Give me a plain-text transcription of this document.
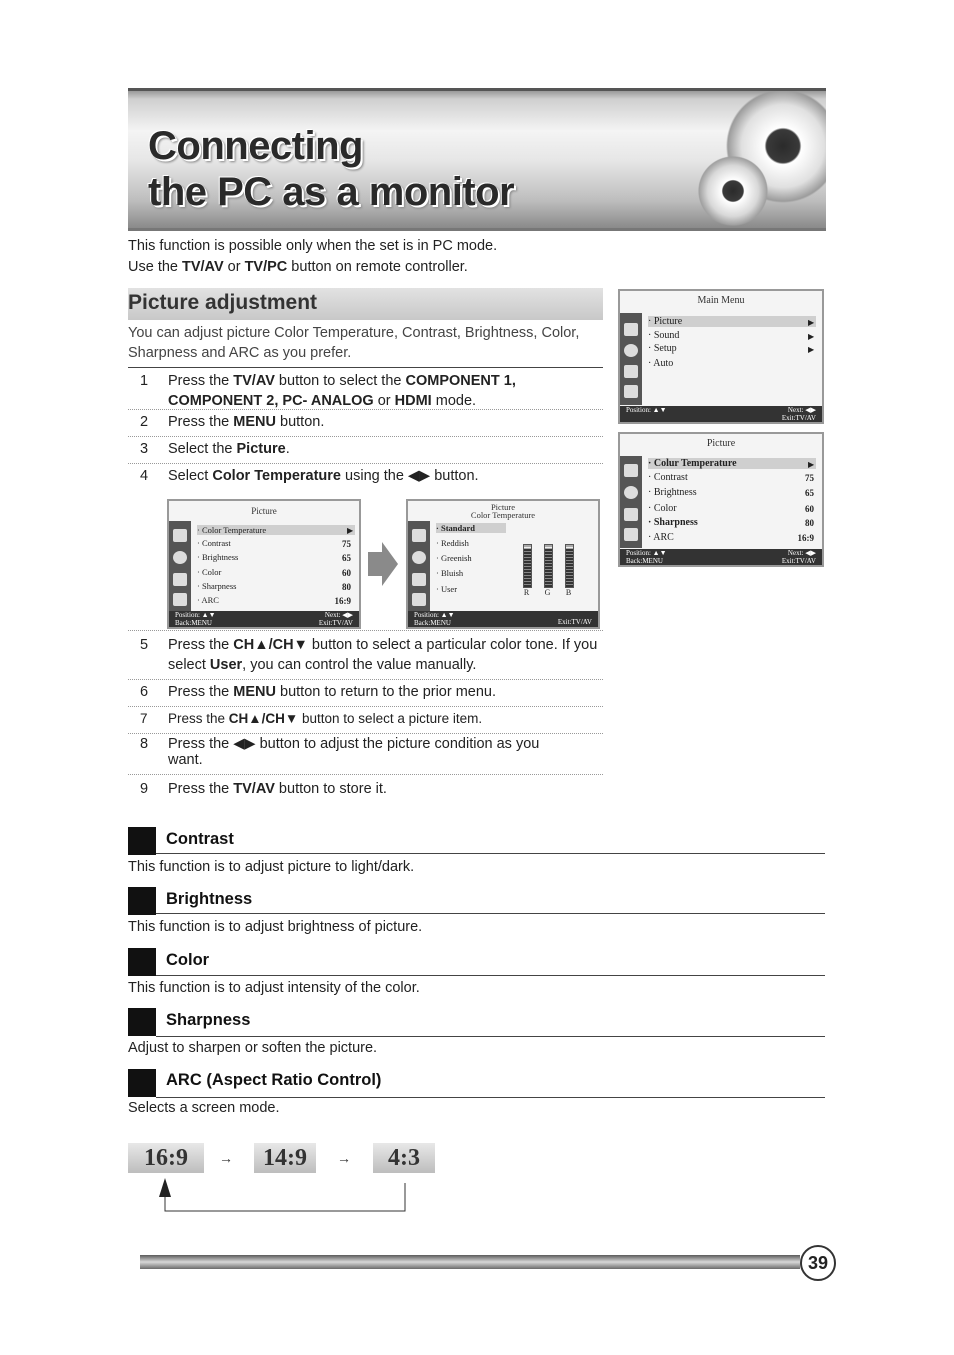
Connecting
the PC as a monitor
This function is possible only when the set is in PC mode.
Use the TV/AV or TV/PC button on remote controller.
Picture adjustment
You can adjust picture Color Temperature, Contrast, Brightness, Color, Sharpness and ARC as you prefer.
1	Press the TV/AV button to select the COMPONENT 1, COMPONENT 2, PC- ANALOG or HDMI mode.
2	Press the MENU button.
3	Select the Picture.
4	Select Color Temperature using the ◀▶ button.
Picture
· Color Temperature	▶
· Contrast	75
· Brightness	65
· Color	60
· Sharpness	80
· ARC	16:9
Position: ▲▼
Back:MENU
Next: ◀▶
Exit:TV/AV
Picture
Color Temperature
· Standard
· Reddish
· Greenish
· Bluish
· User	R G B
Position: ▲▼
Back:MENU	Exit:TV/AV
5	Press the CH▲/CH▼ button to select a particular color tone. If you select User, you can control the value manually.
6	Press the MENU button to return to the prior menu.
7	Press the CH▲/CH▼ button to select a picture item.
8	Press the ◀▶ button to adjust the picture condition as you want.
9	Press the TV/AV button to store it.
Main Menu
· Picture	▶
· Sound	▶
· Setup	▶
· Auto
Position: ▲▼	Next: ◀▶
Exit:TV/AV
Picture
· Colur Temperature	▶
· Contrast	75
· Brightness	65
· Color	60
· Sharpness	80
· ARC	16:9
Position: ▲▼
Back:MENU
Next: ◀▶
Exit:TV/AV
Contrast
This function is to adjust picture to light/dark.
Brightness
This function is to adjust brightness of picture.
Color
This function is to adjust intensity of the color.
Sharpness
Adjust to sharpen or soften the picture.
ARC (Aspect Ratio Control)
Selects a screen mode.
16:9	→	14:9	→	4:3
39
